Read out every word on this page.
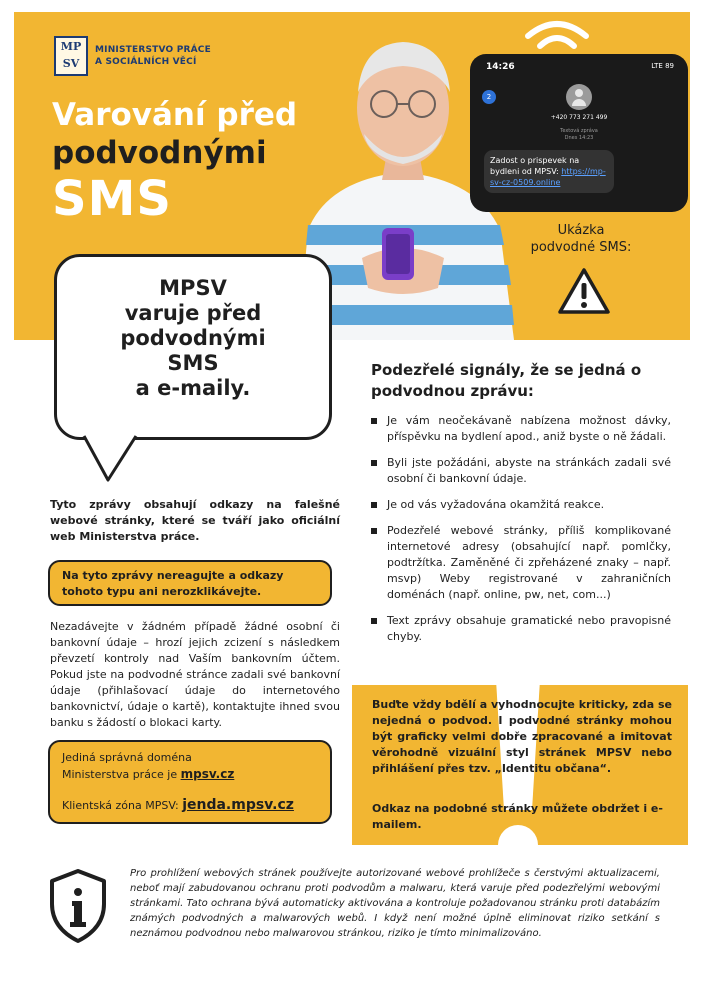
MP
SV
MINISTERSTVO PRÁCE
A SOCIÁLNÍCH VĚCÍ
Varování před
podvodnými
SMS
14:26	LTE 89
2
+420 773 271 499
Textová zpráva
Dnes 14:23
Zadost o prispevek na bydleni od MPSV: https://mp-sv-cz-0509.online
Ukázka
podvodné SMS:
MPSV
varuje před
podvodnými
SMS
a e-maily.

Tyto zprávy obsahují odkazy na falešné webové stránky, které se tváří jako oficiální web Ministerstva práce.

Na tyto zprávy nereagujte a odkazy tohoto typu ani nerozklikávejte.

Nezadávejte v žádném případě žádné osobní či bankovní údaje – hrozí jejich zcizení s následkem převzetí kontroly nad Vaším bankovním účtem. Pokud jste na podvodné stránce zadali své bankovní údaje (přihlašovací údaje do internetového bankovnictví, údaje o kartě), kontaktujte ihned svou banku s žádostí o blokaci karty.

Jediná správná doména
Ministerstva práce je mpsv.cz
Klientská zóna MPSV: jenda.mpsv.cz
Podezřelé signály, že se jedná o podvodnou zprávu:
Je vám neočekávaně nabízena možnost dávky, příspěvku na bydlení apod., aniž byste o ně žádali.
Byli jste požádáni, abyste na stránkách zadali své osobní či bankovní údaje.
Je od vás vyžadována okamžitá reakce.
Podezřelé webové stránky, příliš komplikované internetové adresy (obsahující např. pomlčky, podtržítka. Zaměněné či zpřeházené znaky – např. msvp) Weby registrované v zahraničních doménách (např. online, pw, net, com...)
Text zprávy obsahuje gramatické nebo pravopisné chyby.

Buďte vždy bdělí a vyhodnocujte kriticky, zda se nejedná o podvod. I podvodné stránky mohou být graficky velmi dobře zpracované a imitovat věrohodně vizuální styl stránek MPSV nebo přihlášení přes tzv. „Identitu občana“.

Odkaz na podobné stránky můžete obdržet i e-mailem.

Pro prohlížení webových stránek používejte autorizované webové prohlížeče s čerstvými aktualizacemi, neboť mají zabudovanou ochranu proti podvodům a malwaru, která varuje před podezřelými webovými stránkami. Tato ochrana bývá automaticky aktivována a kontroluje požadovanou stránku proti databázím známých podvodných a malwarových webů. I když není možné úplně eliminovat riziko setkání s neznámou podvodnou nebo malwarovou stránkou, riziko je tímto minimalizováno.
